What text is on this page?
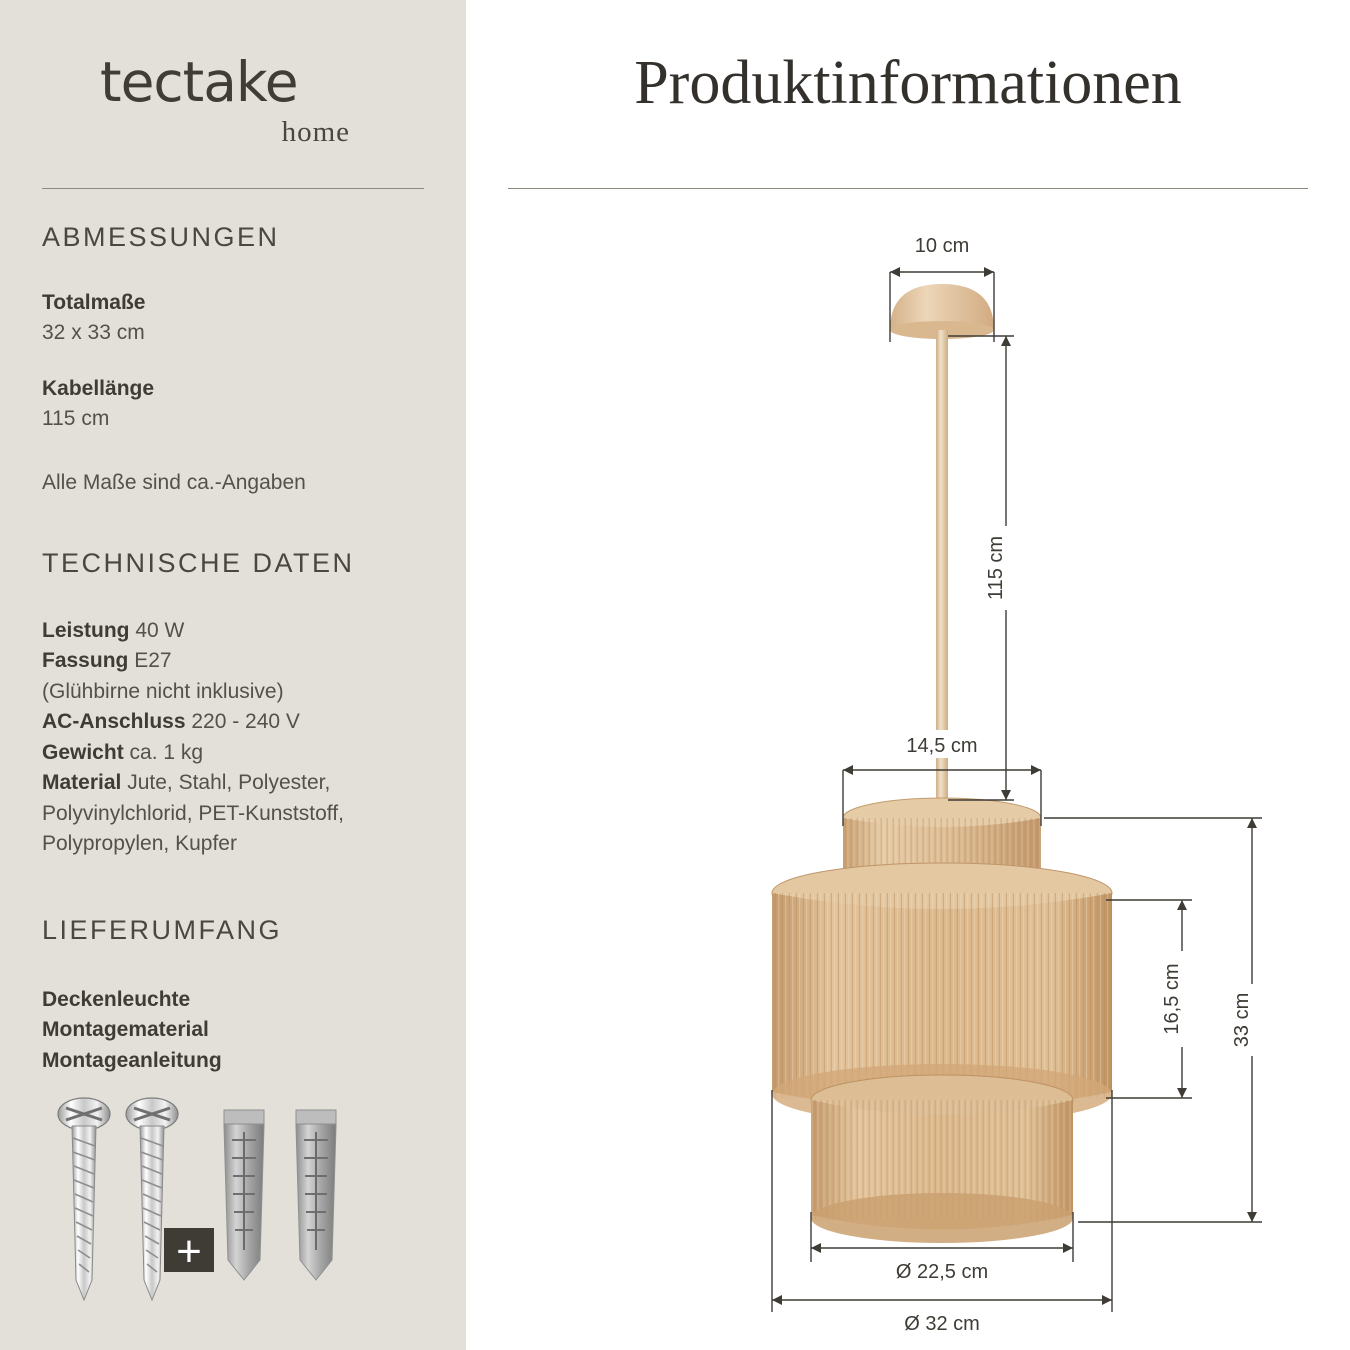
tectake
home
ABMESSUNGEN
Totalmaße
32 x 33 cm
Kabellänge
115 cm
Alle Maße sind ca.-Angaben
TECHNISCHE DATEN
Leistung 40 W
Fassung E27
(Glühbirne nicht inklusive)
AC-Anschluss 220 - 240 V
Gewicht ca. 1 kg
Material Jute, Stahl, Polyester,
Polyvinylchlorid, PET-Kunststoff,
Polypropylen, Kupfer
LIEFERUMFANG
Deckenleuchte
Montagematerial
Montageanleitung
+
Produktinformationen
10 cm
115 cm
14,5 cm
16,5 cm 33 cm
Ø 22,5 cm
Ø 32 cm
